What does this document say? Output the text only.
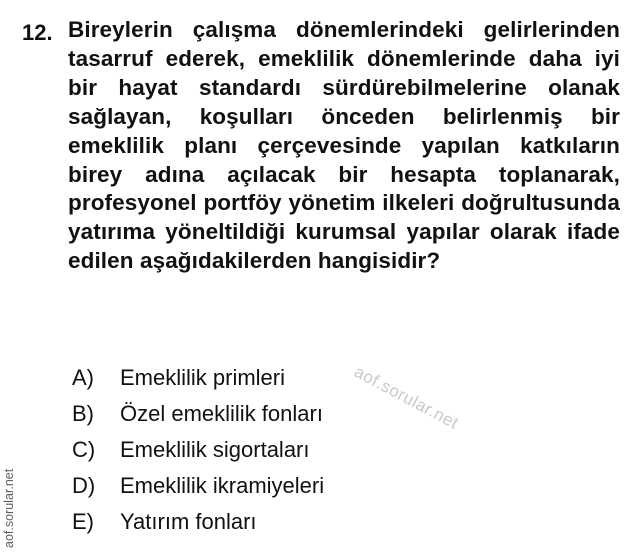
12. Bireylerin çalışma dönemlerindeki gelirlerinden tasarruf ederek, emeklilik dönemlerinde daha iyi bir hayat standardı sürdürebilmelerine olanak sağlayan, koşulları önceden belirlenmiş bir emeklilik planı çerçevesinde yapılan katkıların birey adına açılacak bir hesapta toplanarak, profesyonel portföy yönetim ilkeleri doğrultusunda yatırıma yöneltildiği kurumsal yapılar olarak ifade edilen aşağıdakilerden hangisidir?
A)	Emeklilik primleri
B)	Özel emeklilik fonları
C)	Emeklilik sigortaları
D)	Emeklilik ikramiyeleri
E)	Yatırım fonları
aof.sorular.net
aof.sorular.net
